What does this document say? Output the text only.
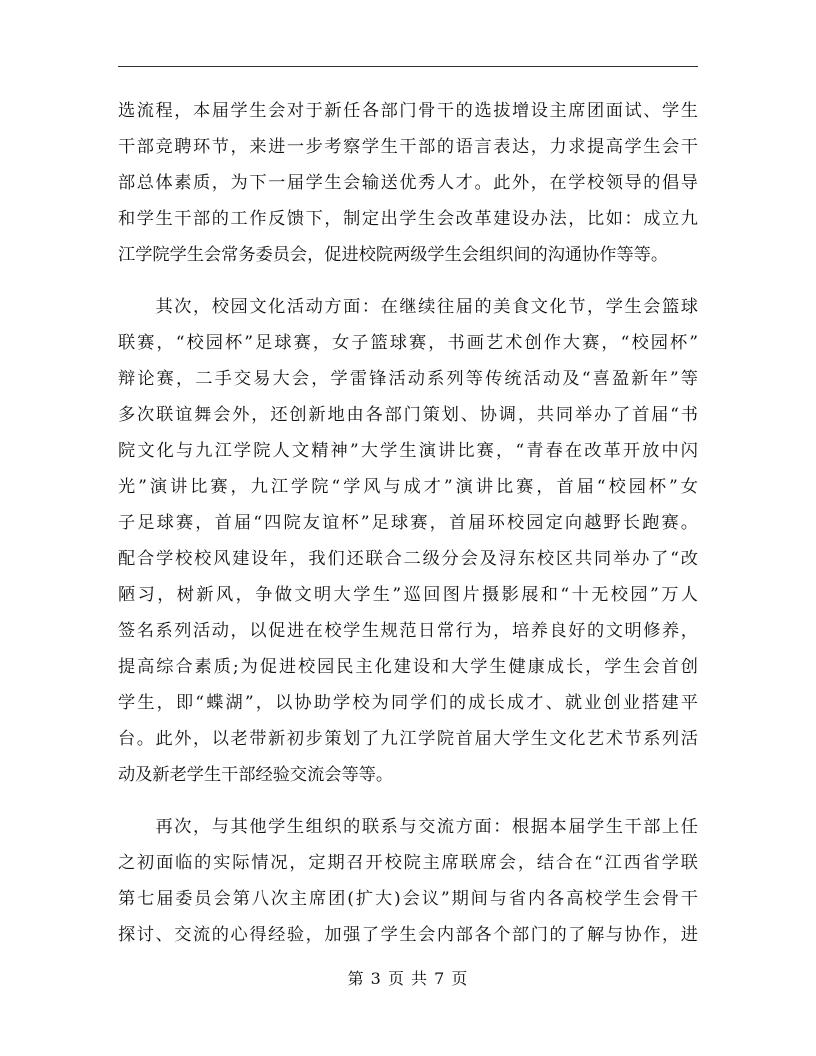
选流程，本届学生会对于新任各部门骨干的选拔增设主席团面试、学生
干部竞聘环节，来进一步考察学生干部的语言表达，力求提高学生会干
部总体素质，为下一届学生会输送优秀人才。此外，在学校领导的倡导
和学生干部的工作反馈下，制定出学生会改革建设办法，比如：成立九
江学院学生会常务委员会，促进校院两级学生会组织间的沟通协作等等。
　　其次，校园文化活动方面：在继续往届的美食文化节，学生会篮球
联赛，“校园杯”足球赛，女子篮球赛，书画艺术创作大赛，“校园杯”
辩论赛，二手交易大会，学雷锋活动系列等传统活动及“喜盈新年”等
多次联谊舞会外，还创新地由各部门策划、协调，共同举办了首届“书
院文化与九江学院人文精神”大学生演讲比赛，“青春在改革开放中闪
光”演讲比赛，九江学院“学风与成才”演讲比赛，首届“校园杯”女
子足球赛，首届“四院友谊杯”足球赛，首届环校园定向越野长跑赛。
配合学校校风建设年，我们还联合二级分会及浔东校区共同举办了“改
陋习，树新风，争做文明大学生”巡回图片摄影展和“十无校园”万人
签名系列活动，以促进在校学生规范日常行为，培养良好的文明修养，
提高综合素质;为促进校园民主化建设和大学生健康成长，学生会首创
学生，即“蝶湖”，以协助学校为同学们的成长成才、就业创业搭建平
台。此外，以老带新初步策划了九江学院首届大学生文化艺术节系列活
动及新老学生干部经验交流会等等。
　　再次，与其他学生组织的联系与交流方面：根据本届学生干部上任
之初面临的实际情况，定期召开校院主席联席会，结合在“江西省学联
第七届委员会第八次主席团(扩大)会议”期间与省内各高校学生会骨干
探讨、交流的心得经验，加强了学生会内部各个部门的了解与协作，进
第 3 页 共 7 页
